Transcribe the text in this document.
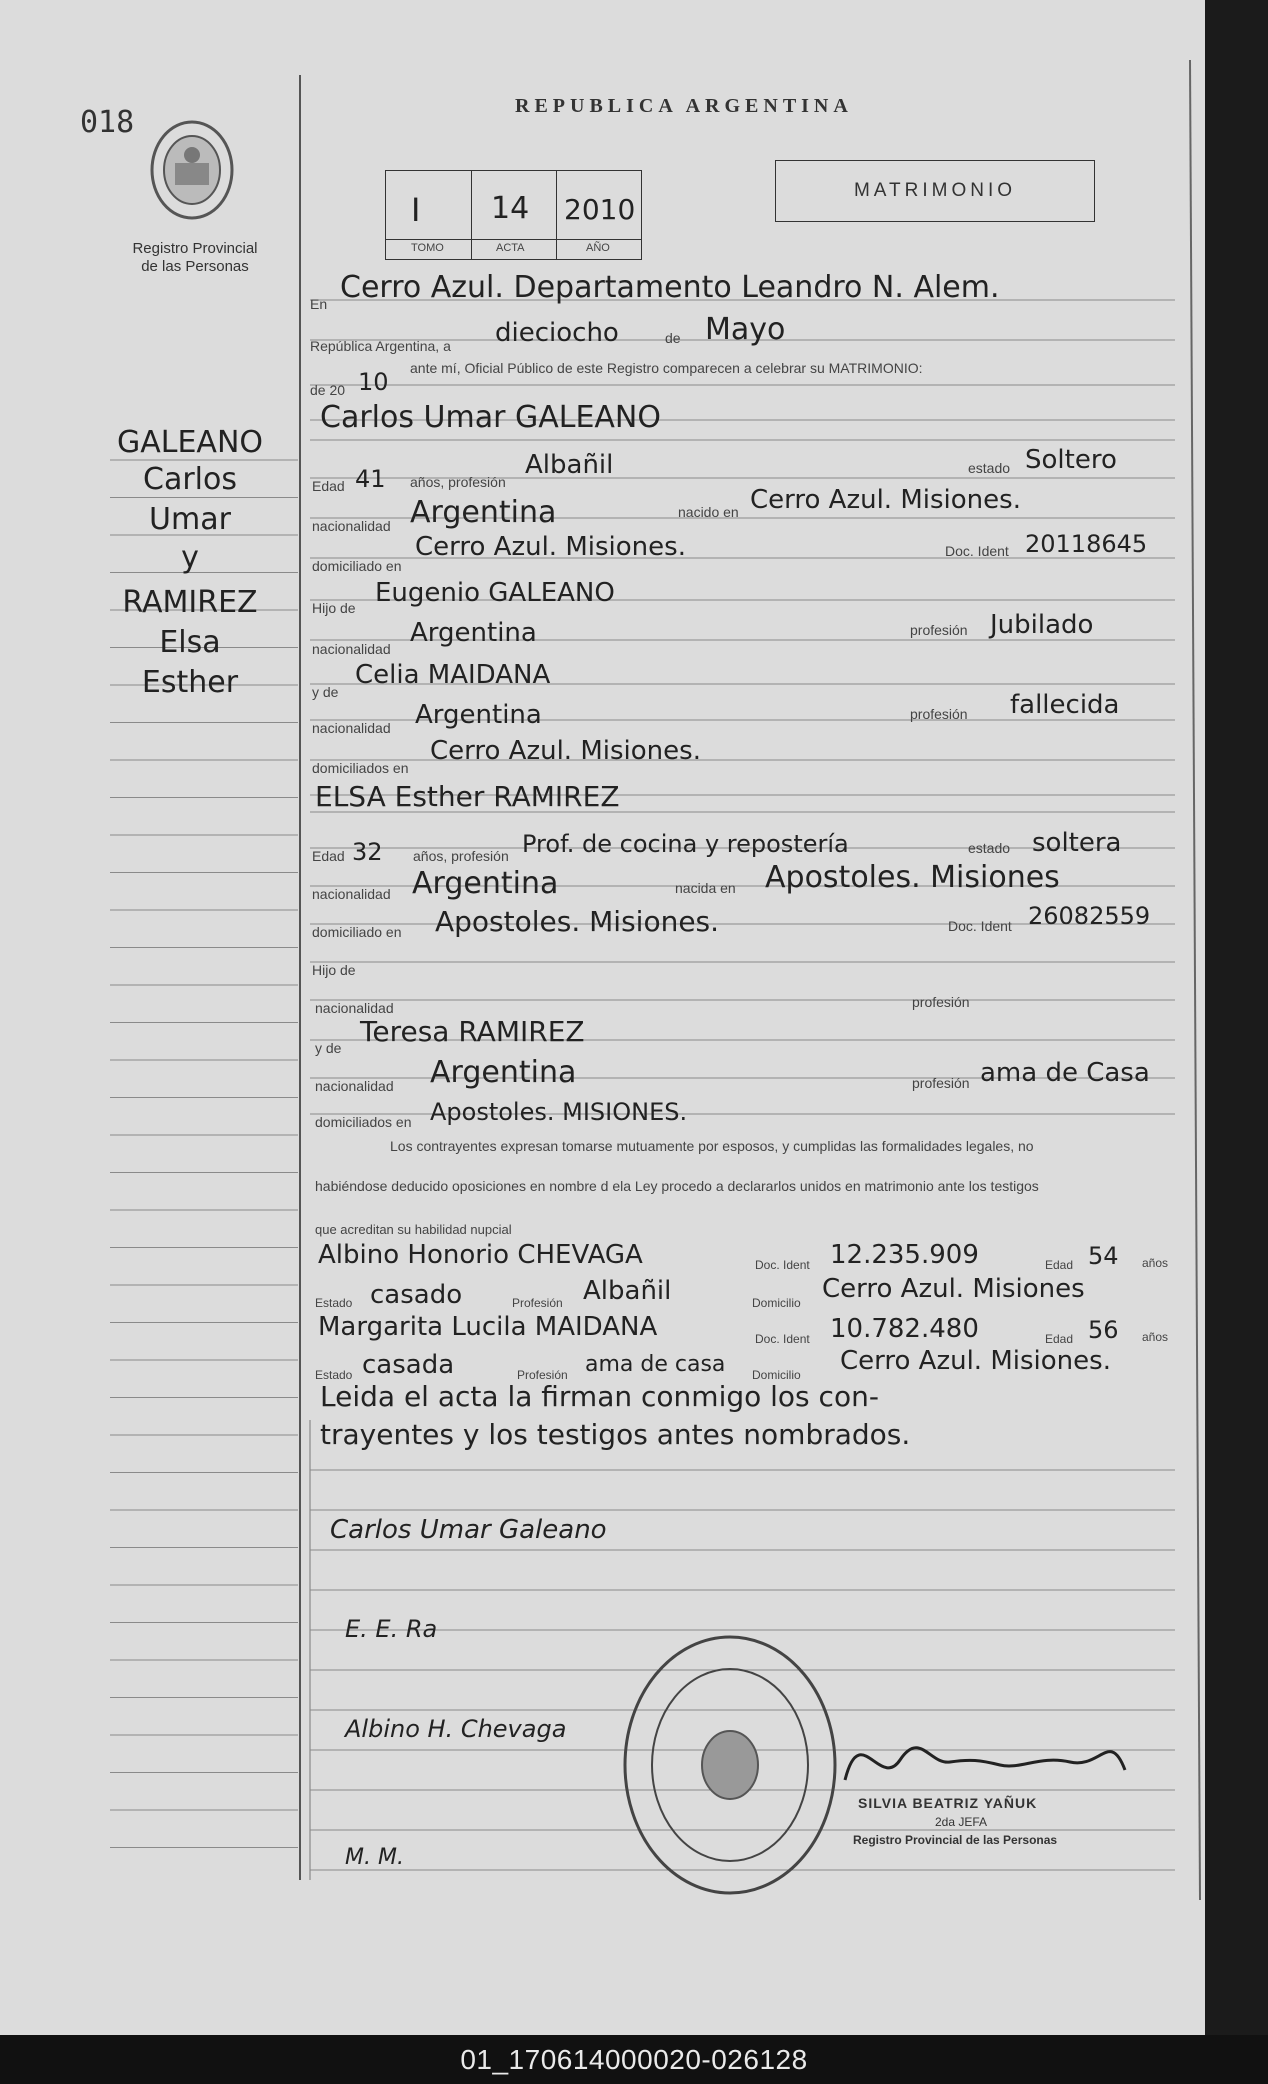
018
Registro Provincial
de las Personas
REPUBLICA ARGENTINA
MATRIMONIO
I 14 2010
TOMO	ACTA	AÑO
GALEANO
Carlos
Umar
y
RAMIREZ
Elsa
Esther
En Cerro Azul. Departamento Leandro N. Alem.
República Argentina, a dieciocho	de Mayo
de 20 10 ante mí, Oficial Público de este Registro comparecen a celebrar su MATRIMONIO:
Carlos Umar GALEANO
Edad 41 años, profesión
Albañil	estado Soltero
nacionalidad Argentina	nacido en Cerro Azul. Misiones.
domiciliado en
Cerro Azul. Misiones.	Doc. Ident 20118645
Hijo de Eugenio GALEANO
nacionalidad
Argentina	profesión Jubilado
y de
Celia MAIDANA
nacionalidad Argentina	profesión fallecida
domiciliados en
Cerro Azul. Misiones.
ELSA Esther RAMIREZ
Edad 32 años, profesión Prof. de cocina y repostería	estado soltera
nacionalidad Argentina	nacida en Apostoles. Misiones
domiciliado en Apostoles. Misiones.	Doc. Ident 26082559
Hijo de
nacionalidad	profesión
y de Teresa RAMIREZ
nacionalidad Argentina	profesión ama de Casa
domiciliados en Apostoles. MISIONES.
Los contrayentes expresan tomarse mutuamente por esposos, y cumplidas las formalidades legales, no
habiéndose deducido oposiciones en nombre d ela Ley procedo a declararlos unidos en matrimonio ante los testigos
que acreditan su habilidad nupcial
Albino Honorio CHEVAGA	Doc. Ident 12.235.909	Edad 54 años
Estado casado	Profesión Albañil	Domicilio Cerro Azul. Misiones
Margarita Lucila MAIDANA	Doc. Ident 10.782.480	Edad 56 años
Estado casada	Profesión ama de casa Domicilio Cerro Azul. Misiones.
Leida el acta la firman conmigo los con-
trayentes y los testigos antes nombrados.
Carlos Umar Galeano
E. E. Ra
Albino H. Chevaga
M. M.
SILVIA BEATRIZ YAÑUK
2da JEFA
Registro Provincial de las Personas
01_170614000020-026128
